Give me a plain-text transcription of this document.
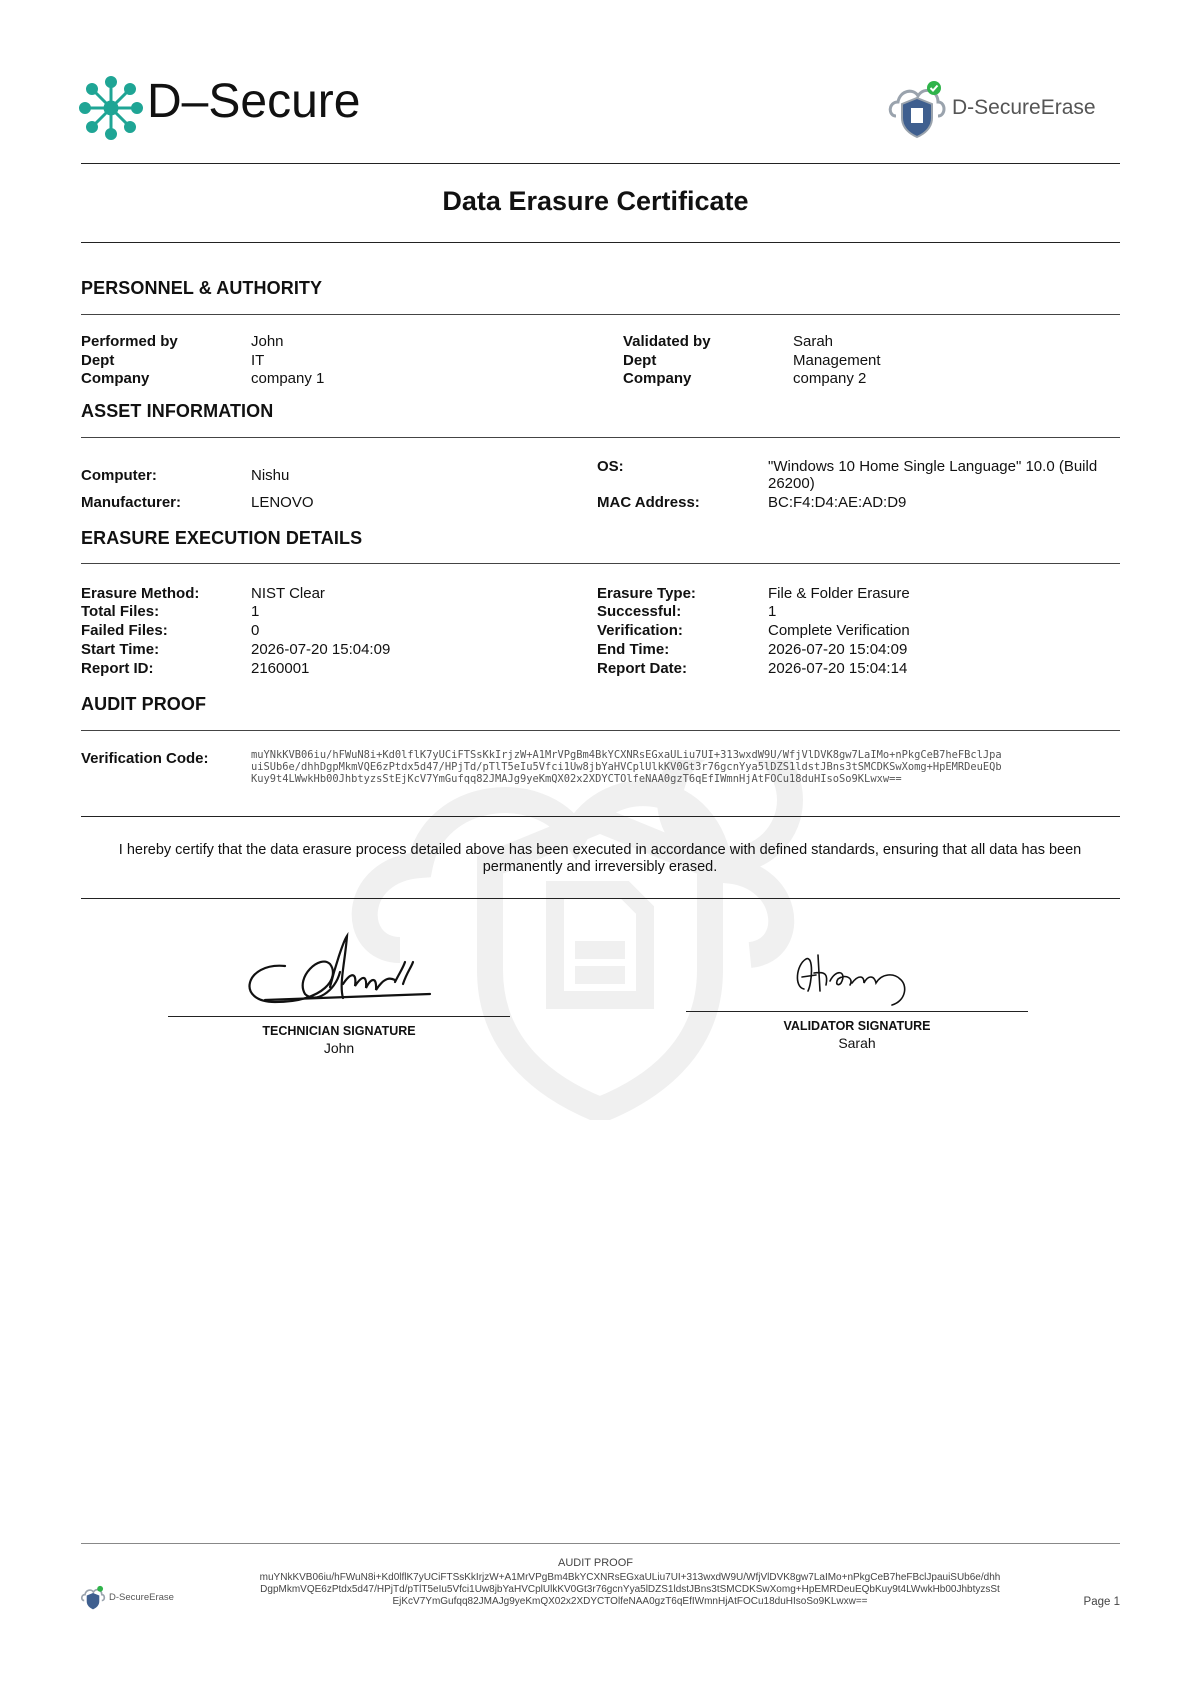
D–Secure	D-SecureErase
Data Erasure Certificate
PERSONNEL & AUTHORITY
Performed by	John
Dept	IT
Company	company 1
Validated by	Sarah
Dept	Management
Company	company 2
ASSET INFORMATION
Computer:	Nishu
Manufacturer:	LENOVO
OS:	"Windows 10 Home Single Language" 10.0 (Build 26200)
MAC Address:	BC:F4:D4:AE:AD:D9
ERASURE EXECUTION DETAILS
Erasure Method:	NIST Clear
Total Files:	1
Failed Files:	0
Start Time:	2026-07-20 15:04:09
Report ID:	2160001
Erasure Type:	File & Folder Erasure
Successful:	1
Verification:	Complete Verification
End Time:	2026-07-20 15:04:09
Report Date:	2026-07-20 15:04:14
AUDIT PROOF
Verification Code:	muYNkKVB06iu/hFWuN8i+Kd0lflK7yUCiFTSsKkIrjzW+A1MrVPgBm4BkYCXNRsEGxaULiu7UI+313wxdW9U/WfjVlDVK8gw7LaIMo+nPkgCeB7heFBclJpa
uiSUb6e/dhhDgpMkmVQE6zPtdx5d47/HPjTd/pTlT5eIu5Vfci1Uw8jbYaHVCplUlkKV0Gt3r76gcnYya5lDZS1ldstJBns3tSMCDKSwXomg+HpEMRDeuEQb
Kuy9t4LWwkHb00JhbtyzsStEjKcV7YmGufqq82JMAJg9yeKmQX02x2XDYCTOlfeNAA0gzT6qEfIWmnHjAtFOCu18duHIsoSo9KLwxw==
I hereby certify that the data erasure process detailed above has been executed in accordance with defined standards, ensuring that all data has been permanently and irreversibly erased.
TECHNICIAN SIGNATURE
John
VALIDATOR SIGNATURE
Sarah
D-SecureErase
AUDIT PROOF
muYNkKVB06iu/hFWuN8i+Kd0lflK7yUCiFTSsKkIrjzW+A1MrVPgBm4BkYCXNRsEGxaULiu7UI+313wxdW9U/WfjVlDVK8gw7LaIMo+nPkgCeB7heFBclJpauiSUb6e/dhh
DgpMkmVQE6zPtdx5d47/HPjTd/pTlT5eIu5Vfci1Uw8jbYaHVCplUlkKV0Gt3r76gcnYya5lDZS1ldstJBns3tSMCDKSwXomg+HpEMRDeuEQbKuy9t4LWwkHb00JhbtyzsSt
EjKcV7YmGufqq82JMAJg9yeKmQX02x2XDYCTOlfeNAA0gzT6qEfIWmnHjAtFOCu18duHIsoSo9KLwxw==	Page 1
